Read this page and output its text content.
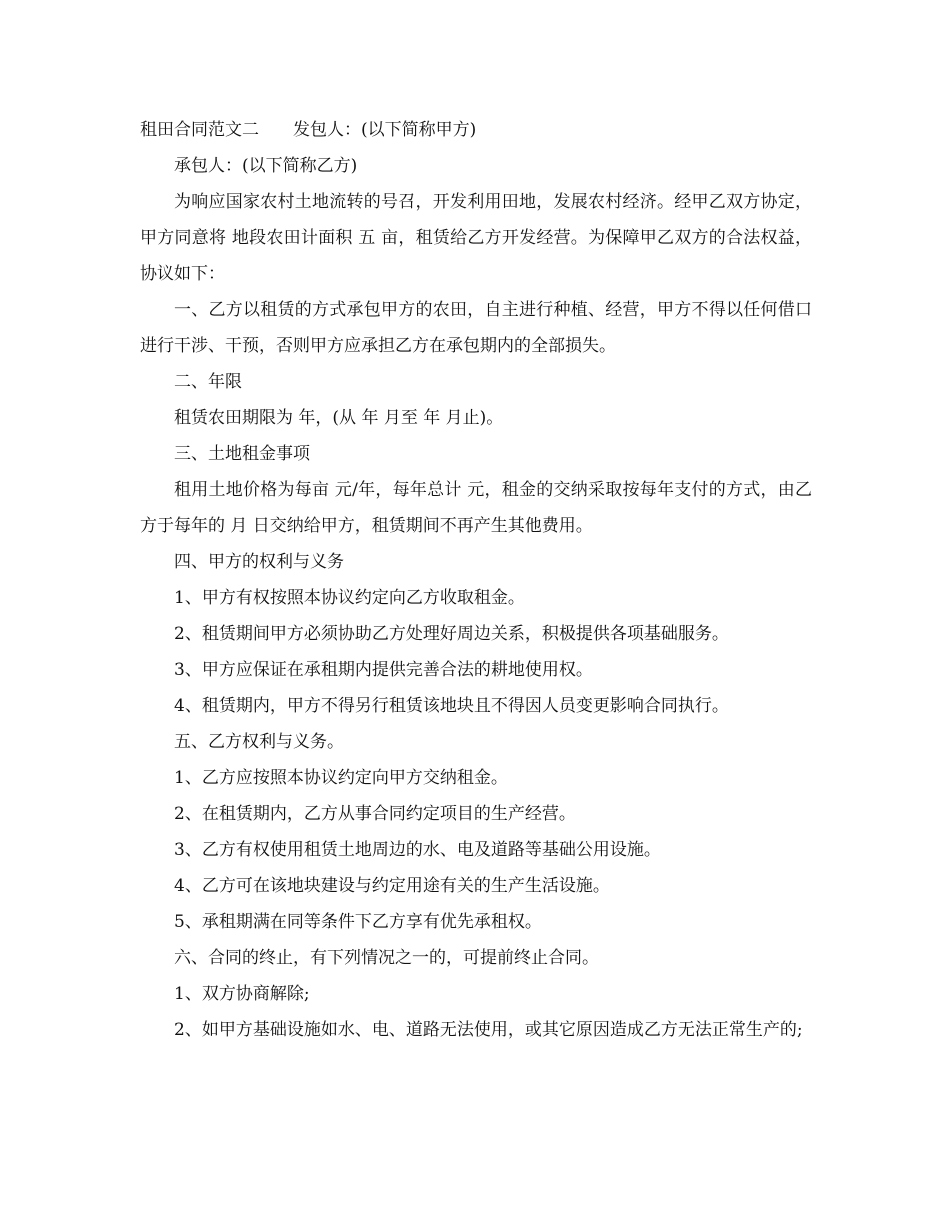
租田合同范文二　　发包人：(以下简称甲方)

承包人：(以下简称乙方)

为响应国家农村土地流转的号召，开发利用田地，发展农村经济。经甲乙双方协定，甲方同意将 地段农田计面积 五 亩，租赁给乙方开发经营。为保障甲乙双方的合法权益，协议如下：

一、乙方以租赁的方式承包甲方的农田，自主进行种植、经营，甲方不得以任何借口进行干涉、干预，否则甲方应承担乙方在承包期内的全部损失。

二、年限

租赁农田期限为 年，(从 年 月至 年 月止)。

三、土地租金事项

租用土地价格为每亩 元/年，每年总计 元，租金的交纳采取按每年支付的方式，由乙方于每年的 月 日交纳给甲方，租赁期间不再产生其他费用。

四、甲方的权利与义务

1、甲方有权按照本协议约定向乙方收取租金。

2、租赁期间甲方必须协助乙方处理好周边关系，积极提供各项基础服务。

3、甲方应保证在承租期内提供完善合法的耕地使用权。

4、租赁期内，甲方不得另行租赁该地块且不得因人员变更影响合同执行。

五、乙方权利与义务。

1、乙方应按照本协议约定向甲方交纳租金。

2、在租赁期内，乙方从事合同约定项目的生产经营。

3、乙方有权使用租赁土地周边的水、电及道路等基础公用设施。

4、乙方可在该地块建设与约定用途有关的生产生活设施。

5、承租期满在同等条件下乙方享有优先承租权。

六、合同的终止，有下列情况之一的，可提前终止合同。

1、双方协商解除;

2、如甲方基础设施如水、电、道路无法使用，或其它原因造成乙方无法正常生产的;
